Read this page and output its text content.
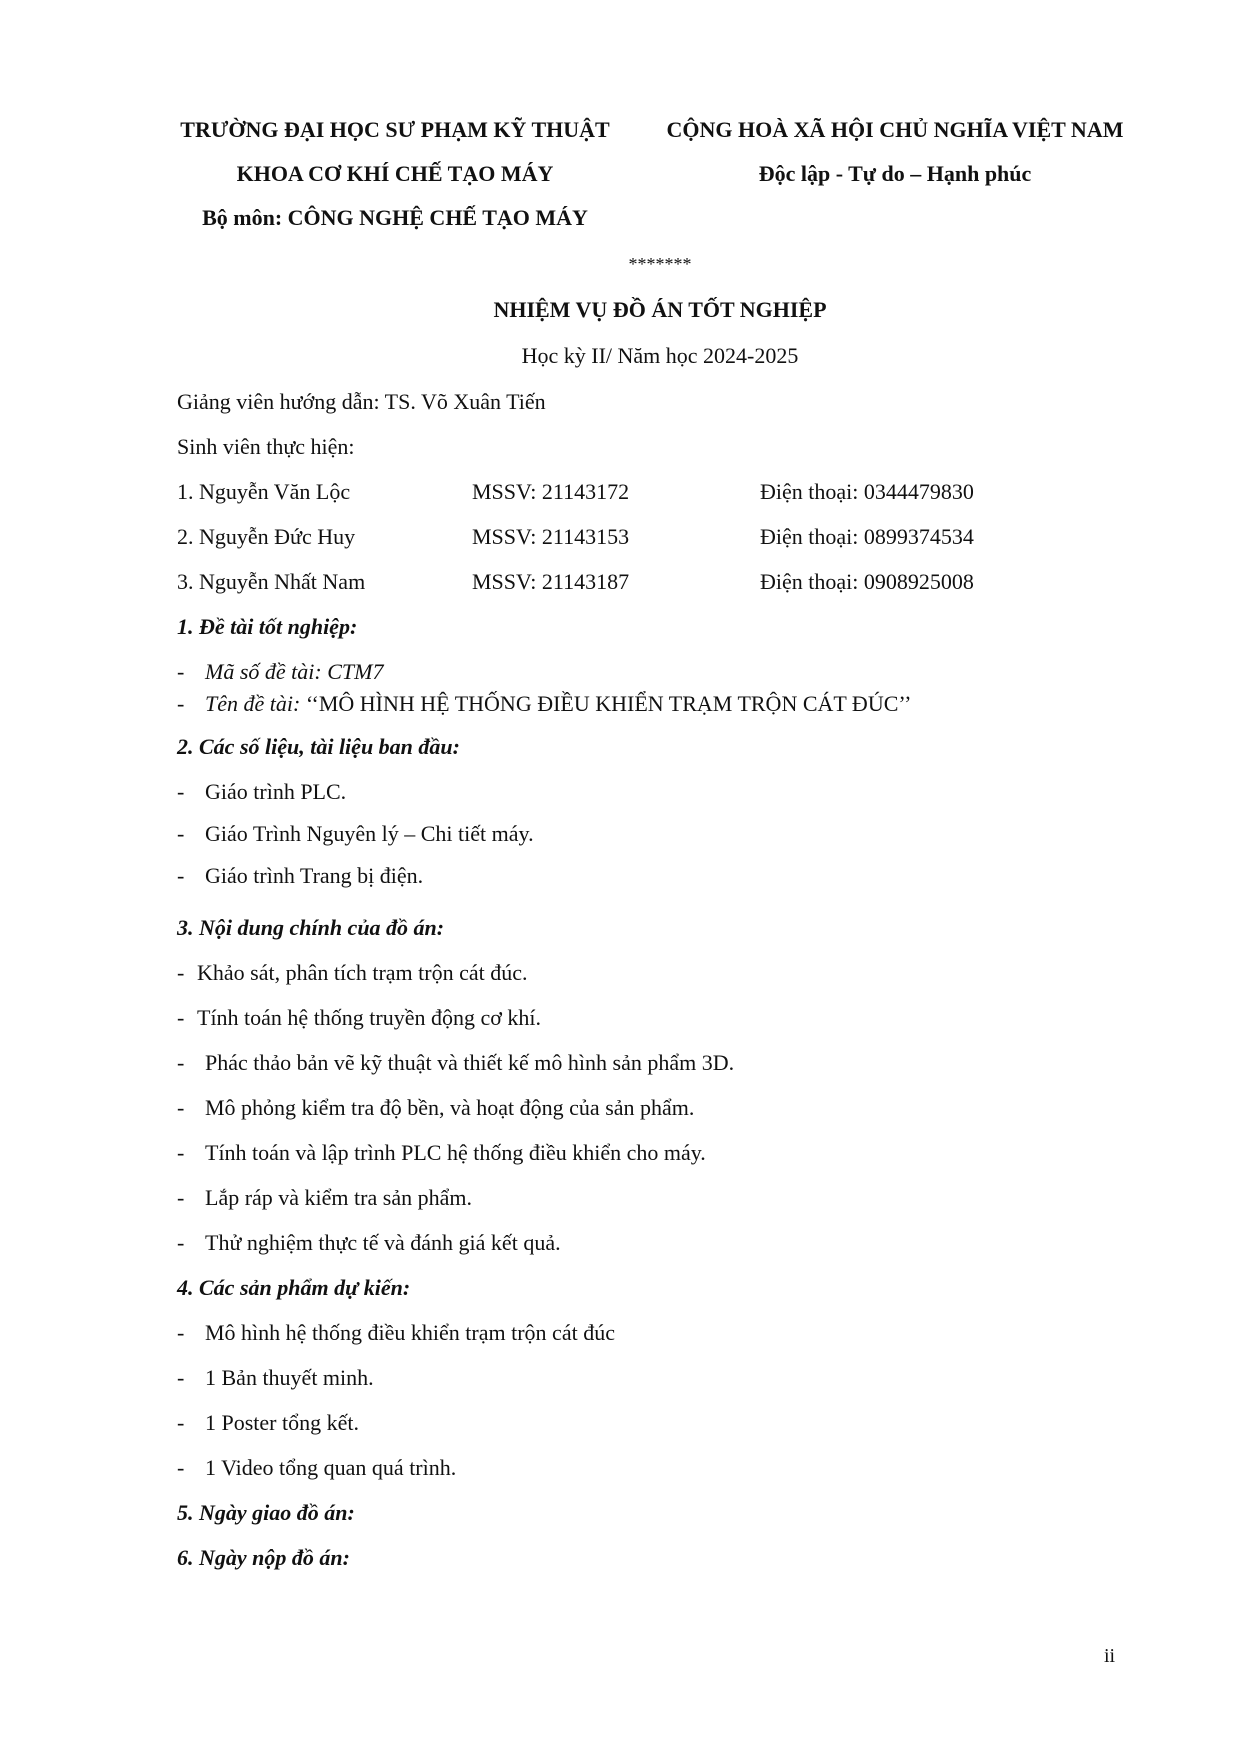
TRƯỜNG ĐẠI HỌC SƯ PHẠM KỸ THUẬT
KHOA CƠ KHÍ CHẾ TẠO MÁY
Bộ môn: CÔNG NGHỆ CHẾ TẠO MÁY
CỘNG HOÀ XÃ HỘI CHỦ NGHĨA VIỆT NAM
Độc lập - Tự do – Hạnh phúc
*******
NHIỆM VỤ ĐỒ ÁN TỐT NGHIỆP
Học kỳ II/ Năm học 2024-2025
Giảng viên hướng dẫn: TS. Võ Xuân Tiến
Sinh viên thực hiện:
1. Nguyễn Văn Lộc	MSSV: 21143172	Điện thoại: 0344479830
2. Nguyễn Đức Huy	MSSV: 21143153	Điện thoại: 0899374534
3. Nguyễn Nhất Nam	MSSV: 21143187	Điện thoại: 0908925008
1. Đề tài tốt nghiệp:
- Mã số đề tài: CTM7
- Tên đề tài: ‘‘MÔ HÌNH HỆ THỐNG ĐIỀU KHIỂN TRẠM TRỘN CÁT ĐÚC’’
2. Các số liệu, tài liệu ban đầu:
- Giáo trình PLC.
- Giáo Trình Nguyên lý – Chi tiết máy.
- Giáo trình Trang bị điện.
3. Nội dung chính của đồ án:
- Khảo sát, phân tích trạm trộn cát đúc.
- Tính toán hệ thống truyền động cơ khí.
- Phác thảo bản vẽ kỹ thuật và thiết kế mô hình sản phẩm 3D.
- Mô phỏng kiểm tra độ bền, và hoạt động của sản phẩm.
- Tính toán và lập trình PLC hệ thống điều khiển cho máy.
- Lắp ráp và kiểm tra sản phẩm.
- Thử nghiệm thực tế và đánh giá kết quả.
4. Các sản phẩm dự kiến:
- Mô hình hệ thống điều khiển trạm trộn cát đúc
- 1 Bản thuyết minh.
- 1 Poster tổng kết.
- 1 Video tổng quan quá trình.
5. Ngày giao đồ án:
6. Ngày nộp đồ án:
ii
